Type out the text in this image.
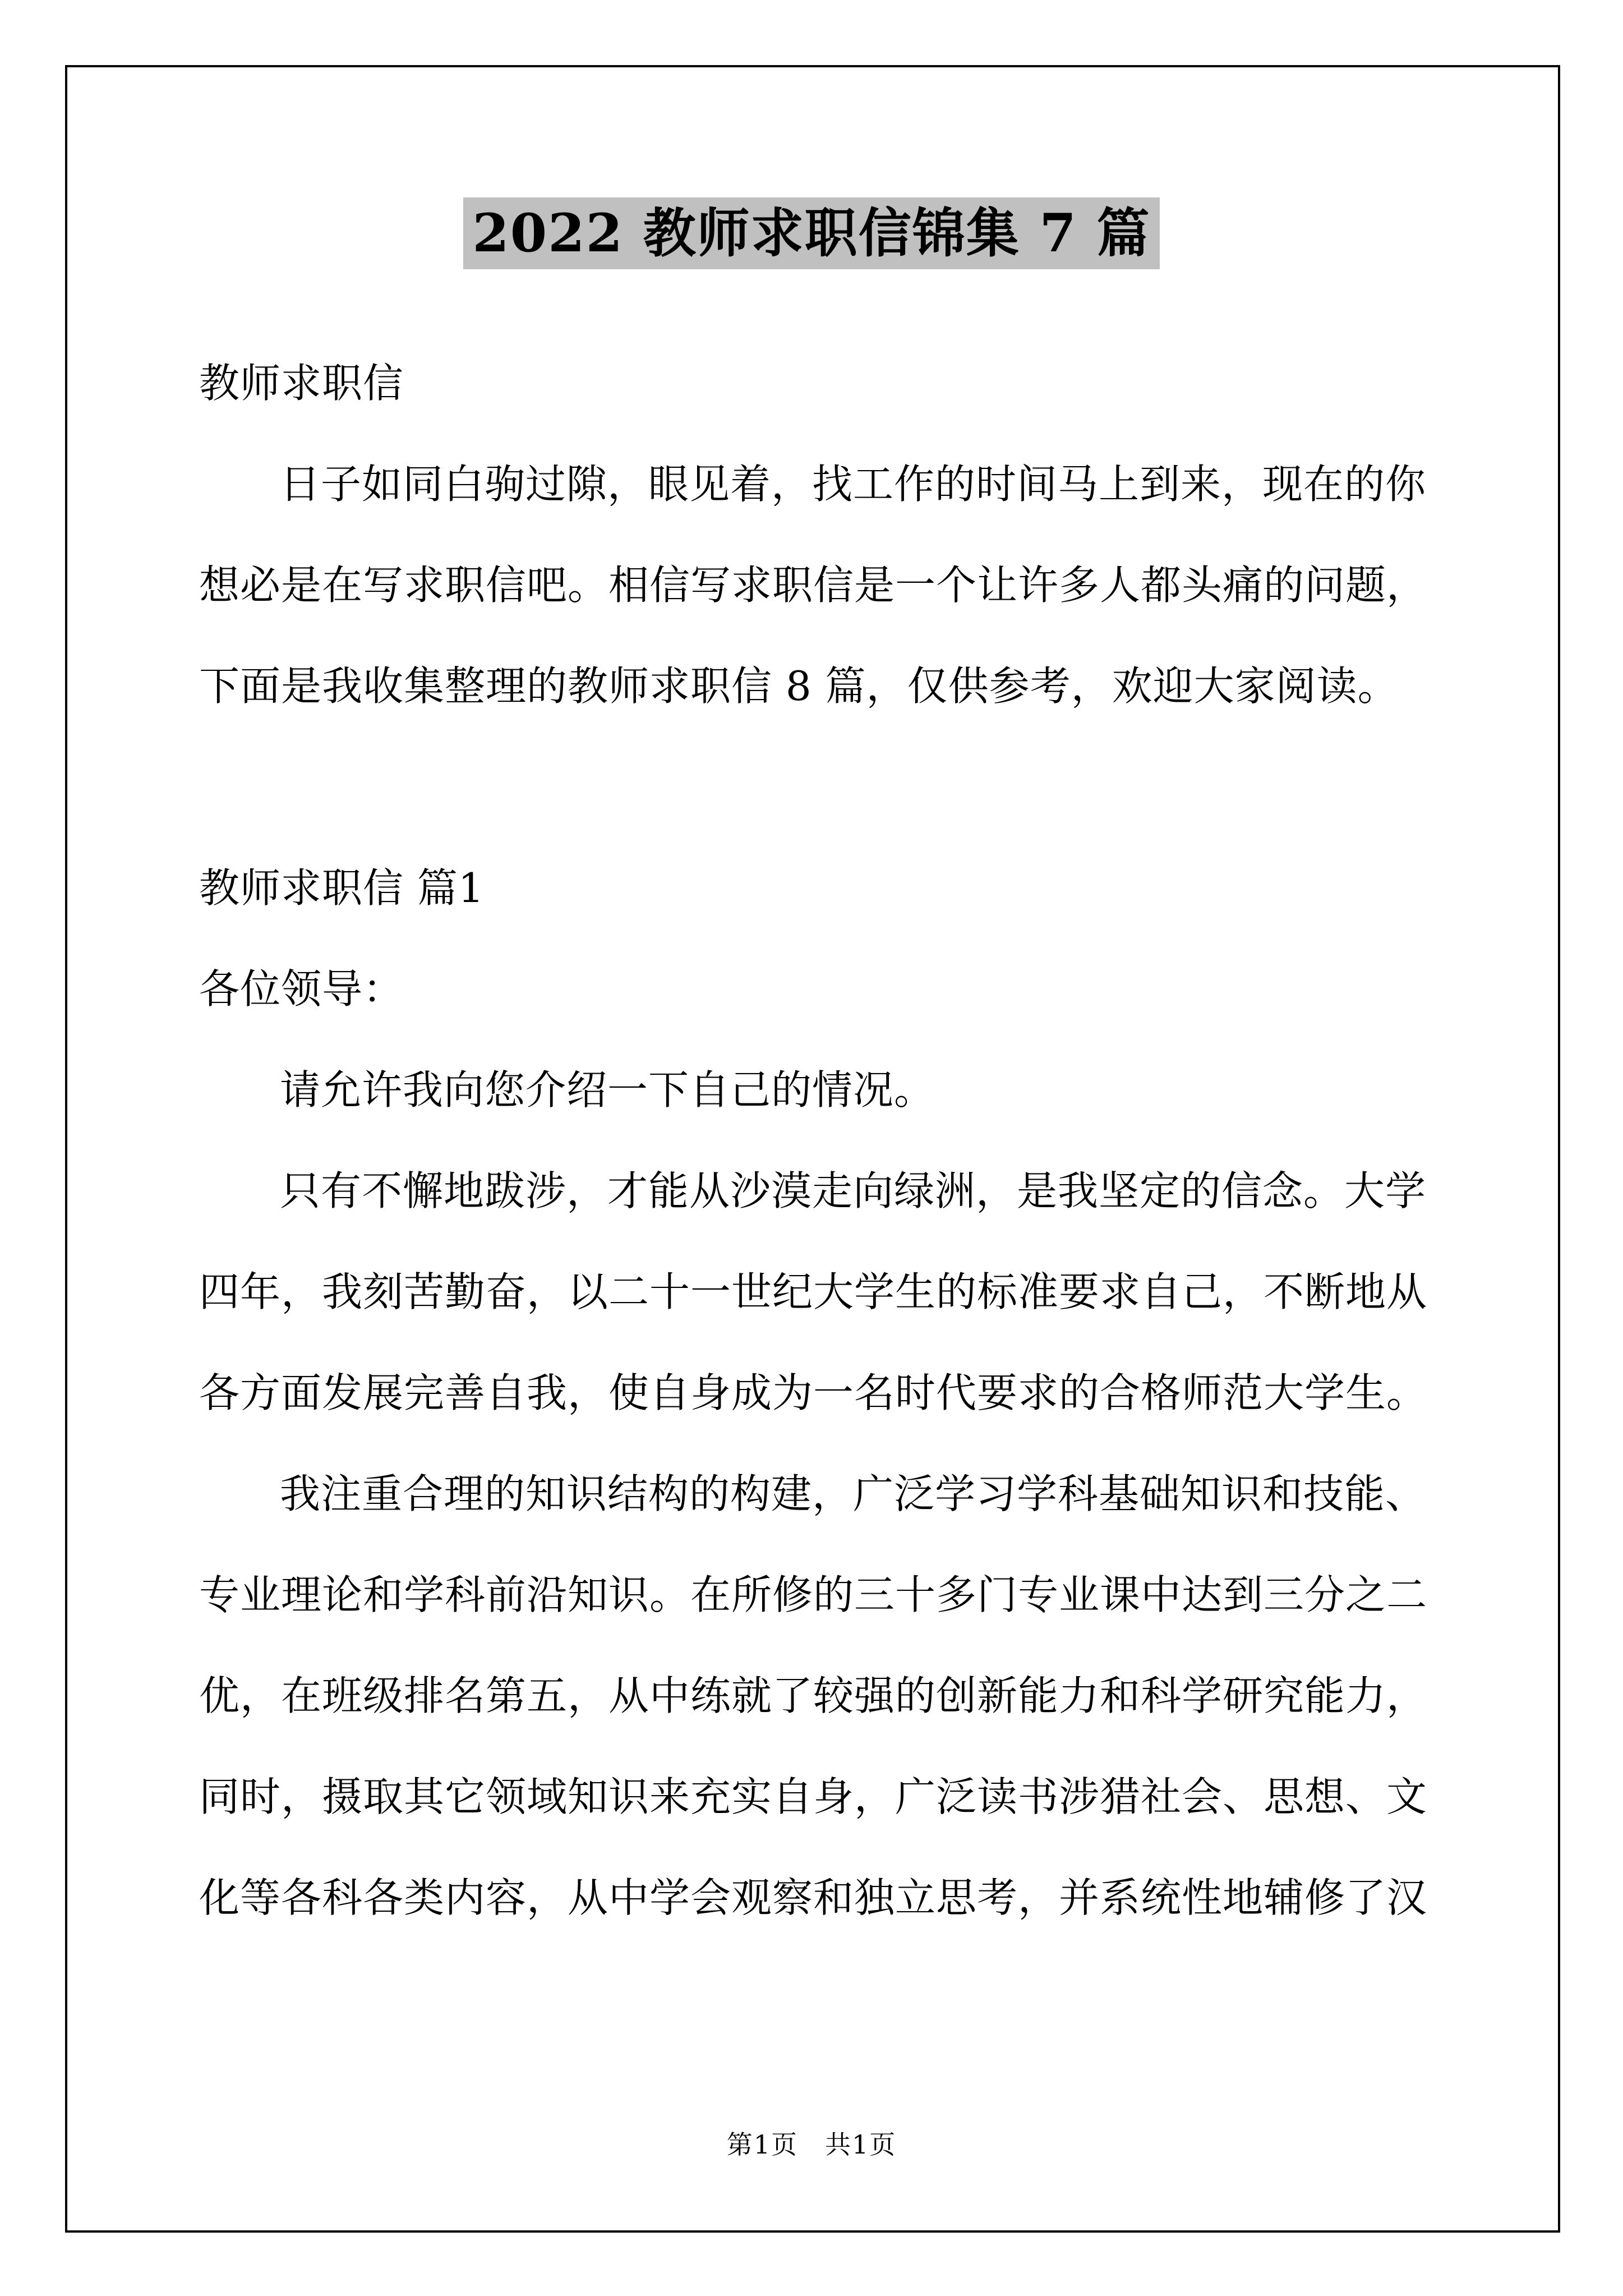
2022 教师求职信锦集 7 篇
教师求职信
日子如同白驹过隙，眼见着，找工作的时间马上到来，现在的你
想必是在写求职信吧。相信写求职信是一个让许多人都头痛的问题，
下面是我收集整理的教师求职信 8 篇，仅供参考，欢迎大家阅读。
教师求职信 篇1
各位领导：
请允许我向您介绍一下自己的情况。
只有不懈地跋涉，才能从沙漠走向绿洲，是我坚定的信念。大学
四年，我刻苦勤奋，以二十一世纪大学生的标准要求自己，不断地从
各方面发展完善自我，使自身成为一名时代要求的合格师范大学生。
我注重合理的知识结构的构建，广泛学习学科基础知识和技能、
专业理论和学科前沿知识。在所修的三十多门专业课中达到三分之二
优，在班级排名第五，从中练就了较强的创新能力和科学研究能力，
同时，摄取其它领域知识来充实自身，广泛读书涉猎社会、思想、文
化等各科各类内容，从中学会观察和独立思考，并系统性地辅修了汉
第1页　共1页
